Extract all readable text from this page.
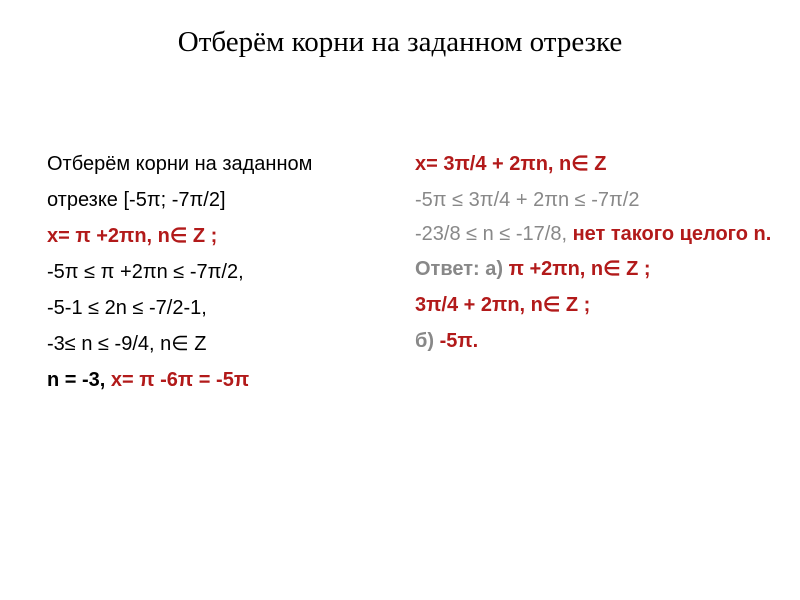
Отберём корни на заданном отрезке
Отберём корни на заданном
отрезке [-5π; -7π/2]
x= π +2πn, n∈ Z ;
-5π ≤ π +2πn ≤ -7π/2,
-5-1 ≤ 2n ≤ -7/2-1,
-3≤ n ≤ -9/4, n∈ Z
n = -3, x= π -6π = -5π
x= 3π/4 + 2πn, n∈ Z
-5π ≤ 3π/4 + 2πn ≤ -7π/2
-23/8 ≤ n ≤ -17/8, нет такого целого n.
Ответ: а) π +2πn, n∈ Z ;
3π/4 + 2πn, n∈ Z ;
б) -5π.
